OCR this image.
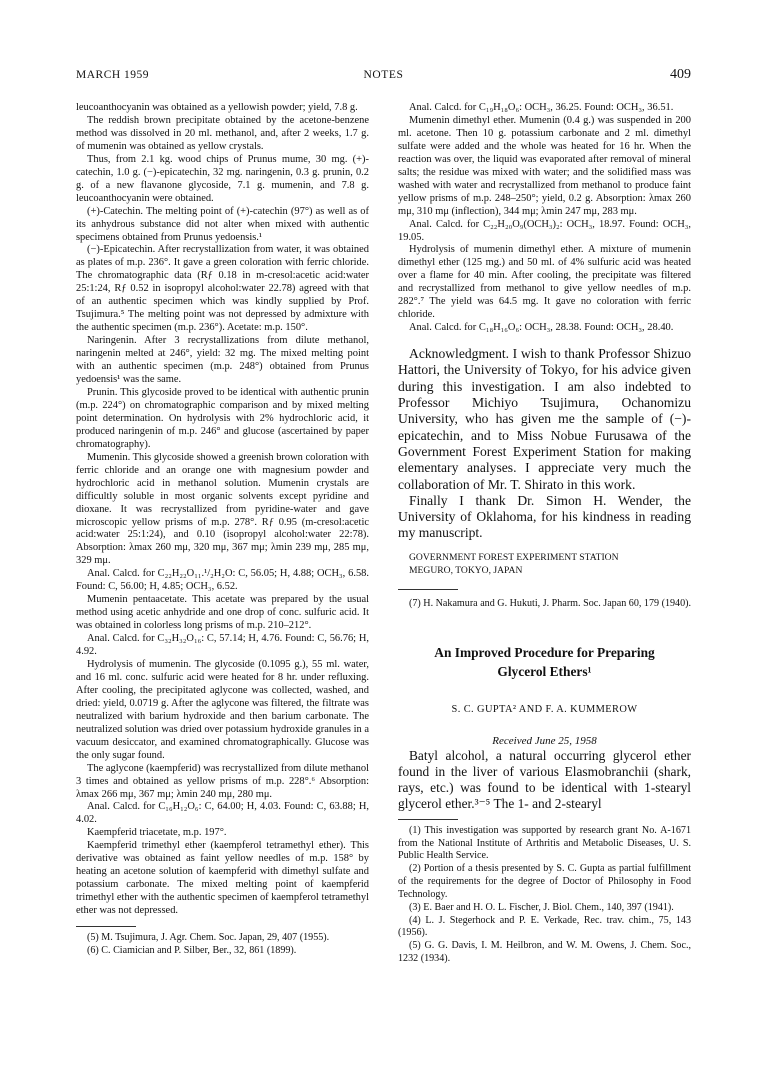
MARCH 1959	NOTES	409

leucoanthocyanin was obtained as a yellowish powder; yield, 7.8 g.

The reddish brown precipitate obtained by the acetone-benzene method was dissolved in 20 ml. methanol, and, after 2 weeks, 1.7 g. of mumenin was obtained as yellow crystals.

Thus, from 2.1 kg. wood chips of Prunus mume, 30 mg. (+)-catechin, 1.0 g. (−)-epicatechin, 32 mg. naringenin, 0.3 g. prunin, 0.2 g. of a new flavanone glycoside, 7.1 g. mumenin, and 7.8 g. leucoanthocyanin were obtained.

(+)-Catechin. The melting point of (+)-catechin (97°) as well as of its anhydrous substance did not alter when mixed with authentic specimens obtained from Prunus yedoensis.¹

(−)-Epicatechin. After recrystallization from water, it was obtained as plates of m.p. 236°. It gave a green coloration with ferric chloride. The chromatographic data (Rƒ 0.18 in m-cresol:acetic acid:water 25:1:24, Rƒ 0.52 in isopropyl alcohol:water 22.78) agreed with that of an authentic specimen which was kindly supplied by Prof. Tsujimura.⁵ The melting point was not depressed by admixture with the authentic specimen (m.p. 236°). Acetate: m.p. 150°.

Naringenin. After 3 recrystallizations from dilute methanol, naringenin melted at 246°, yield: 32 mg. The mixed melting point with an authentic specimen (m.p. 248°) obtained from Prunus yedoensis¹ was the same.

Prunin. This glycoside proved to be identical with authentic prunin (m.p. 224°) on chromatographic comparison and by mixed melting point determination. On hydrolysis with 2% hydrochloric acid, it produced naringenin of m.p. 246° and glucose (ascertained by paper chromatography).

Mumenin. This glycoside showed a greenish brown coloration with ferric chloride and an orange one with magnesium powder and hydrochloric acid in methanol solution. Mumenin crystals are difficultly soluble in most organic solvents except pyridine and dioxane. It was recrystallized from pyridine-water and gave microscopic yellow prisms of m.p. 278°. Rƒ 0.95 (m-cresol:acetic acid:water 25:1:24), and 0.10 (isopropyl alcohol:water 22:78). Absorption: λmax 260 mμ, 320 mμ, 367 mμ; λmin 239 mμ, 285 mμ, 329 mμ.

Anal. Calcd. for C₂₂H₂₂O₁₁.¹/₂H₂O: C, 56.05; H, 4.88; OCH₃, 6.58. Found: C, 56.00; H, 4.85; OCH₃, 6.52.

Mumenin pentaacetate. This acetate was prepared by the usual method using acetic anhydride and one drop of conc. sulfuric acid. It was obtained in colorless long prisms of m.p. 210–212°.

Anal. Calcd. for C₃₂H₃₂O₁₆: C, 57.14; H, 4.76. Found: C, 56.76; H, 4.92.

Hydrolysis of mumenin. The glycoside (0.1095 g.), 55 ml. water, and 16 ml. conc. sulfuric acid were heated for 8 hr. under refluxing. After cooling, the precipitated aglycone was collected, washed, and dried: yield, 0.0719 g. After the aglycone was filtered, the filtrate was neutralized with barium hydroxide and then barium carbonate. The neutralized solution was dried over potassium hydroxide granules in a vacuum desiccator, and examined chromatographically. Glucose was the only sugar found.

The aglycone (kaempferid) was recrystallized from dilute methanol 3 times and obtained as yellow prisms of m.p. 228°.⁶ Absorption: λmax 266 mμ, 367 mμ; λmin 240 mμ, 280 mμ.

Anal. Calcd. for C₁₆H₁₂O₆: C, 64.00; H, 4.03. Found: C, 63.88; H, 4.02.

Kaempferid triacetate, m.p. 197°.

Kaempferid trimethyl ether (kaempferol tetramethyl ether). This derivative was obtained as faint yellow needles of m.p. 158° by heating an acetone solution of kaempferid with dimethyl sulfate and potassium carbonate. The mixed melting point of kaempferid trimethyl ether with the authentic specimen of kaempferol tetramethyl ether was not depressed.

(5) M. Tsujimura, J. Agr. Chem. Soc. Japan, 29, 407 (1955).

(6) C. Ciamician and P. Silber, Ber., 32, 861 (1899).

Anal. Calcd. for C₁₉H₁₈O₆: OCH₃, 36.25. Found: OCH₃, 36.51.

Mumenin dimethyl ether. Mumenin (0.4 g.) was suspended in 200 ml. acetone. Then 10 g. potassium carbonate and 2 ml. dimethyl sulfate were added and the whole was heated for 16 hr. When the reaction was over, the liquid was evaporated after removal of mineral salts; the residue was mixed with water; and the solidified mass was washed with water and recrystallized from methanol to produce faint yellow prisms of m.p. 248–250°; yield, 0.2 g. Absorption: λmax 260 mμ, 310 mμ (inflection), 344 mμ; λmin 247 mμ, 283 mμ.

Anal. Calcd. for C₂₂H₂₀O₉(OCH₃)₂: OCH₃, 18.97. Found: OCH₃, 19.05.

Hydrolysis of mumenin dimethyl ether. A mixture of mumenin dimethyl ether (125 mg.) and 50 ml. of 4% sulfuric acid was heated over a flame for 40 min. After cooling, the precipitate was filtered and recrystallized from methanol to give yellow needles of m.p. 282°.⁷ The yield was 64.5 mg. It gave no coloration with ferric chloride.

Anal. Calcd. for C₁₈H₁₆O₆: OCH₃, 28.38. Found: OCH₃, 28.40.

Acknowledgment. I wish to thank Professor Shizuo Hattori, the University of Tokyo, for his advice given during this investigation. I am also indebted to Professor Michiyo Tsujimura, Ochanomizu University, who has given me the sample of (−)-epicatechin, and to Miss Nobue Furusawa of the Government Forest Experiment Station for making elementary analyses. I appreciate very much the collaboration of Mr. T. Shirato in this work.

Finally I thank Dr. Simon H. Wender, the University of Oklahoma, for his kindness in reading my manuscript.

GOVERNMENT FOREST EXPERIMENT STATION
MEGURO, TOKYO, JAPAN

(7) H. Nakamura and G. Hukuti, J. Pharm. Soc. Japan 60, 179 (1940).

An Improved Procedure for Preparing
Glycerol Ethers¹
S. C. GUPTA² AND F. A. KUMMEROW
Received June 25, 1958

Batyl alcohol, a natural occurring glycerol ether found in the liver of various Elasmobranchii (shark, rays, etc.) was found to be identical with 1-stearyl glycerol ether.³⁻⁵ The 1- and 2-stearyl

(1) This investigation was supported by research grant No. A-1671 from the National Institute of Arthritis and Metabolic Diseases, U. S. Public Health Service.

(2) Portion of a thesis presented by S. C. Gupta as partial fulfillment of the requirements for the degree of Doctor of Philosophy in Food Technology.

(3) E. Baer and H. O. L. Fischer, J. Biol. Chem., 140, 397 (1941).

(4) L. J. Stegerhock and P. E. Verkade, Rec. trav. chim., 75, 143 (1956).

(5) G. G. Davis, I. M. Heilbron, and W. M. Owens, J. Chem. Soc., 1232 (1934).
